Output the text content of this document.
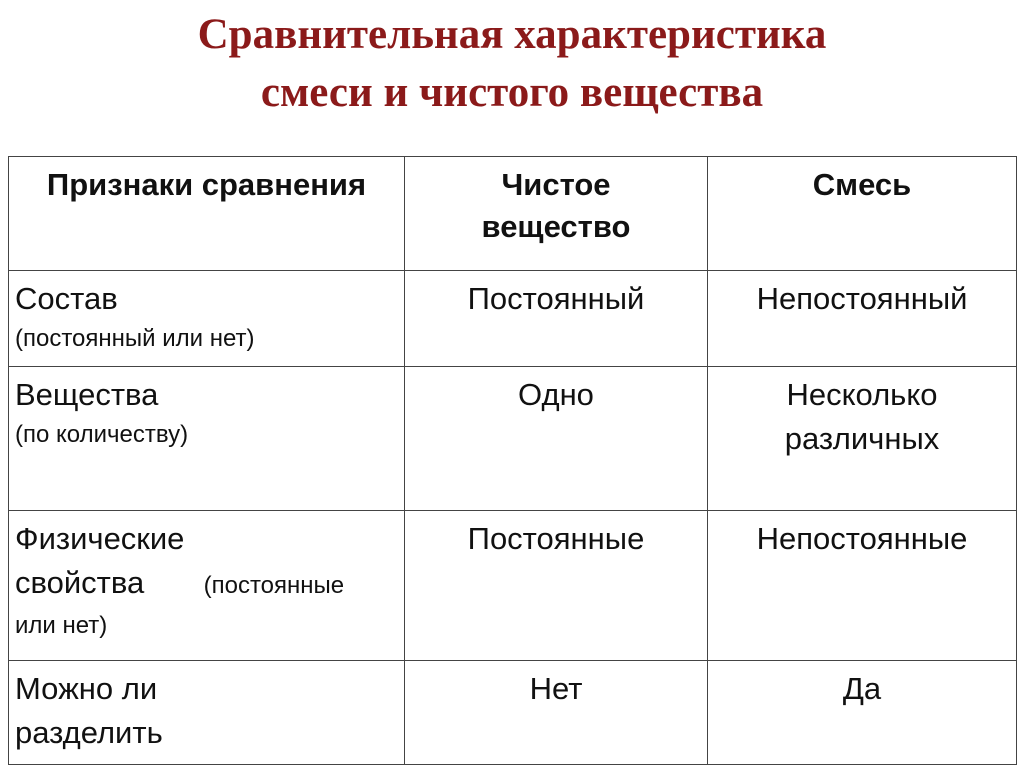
Сравнительная характеристика
смеси и чистого вещества
Признаки сравнения	Чистое вещество	Смесь

Состав
(постоянный или нет)	Постоянный	Непостоянный

Вещества
(по количеству)	Одно	Несколько различных

Физические свойства (постоянные
или нет)	Постоянные	Непостоянные

Можно ли разделить	Нет	Да
